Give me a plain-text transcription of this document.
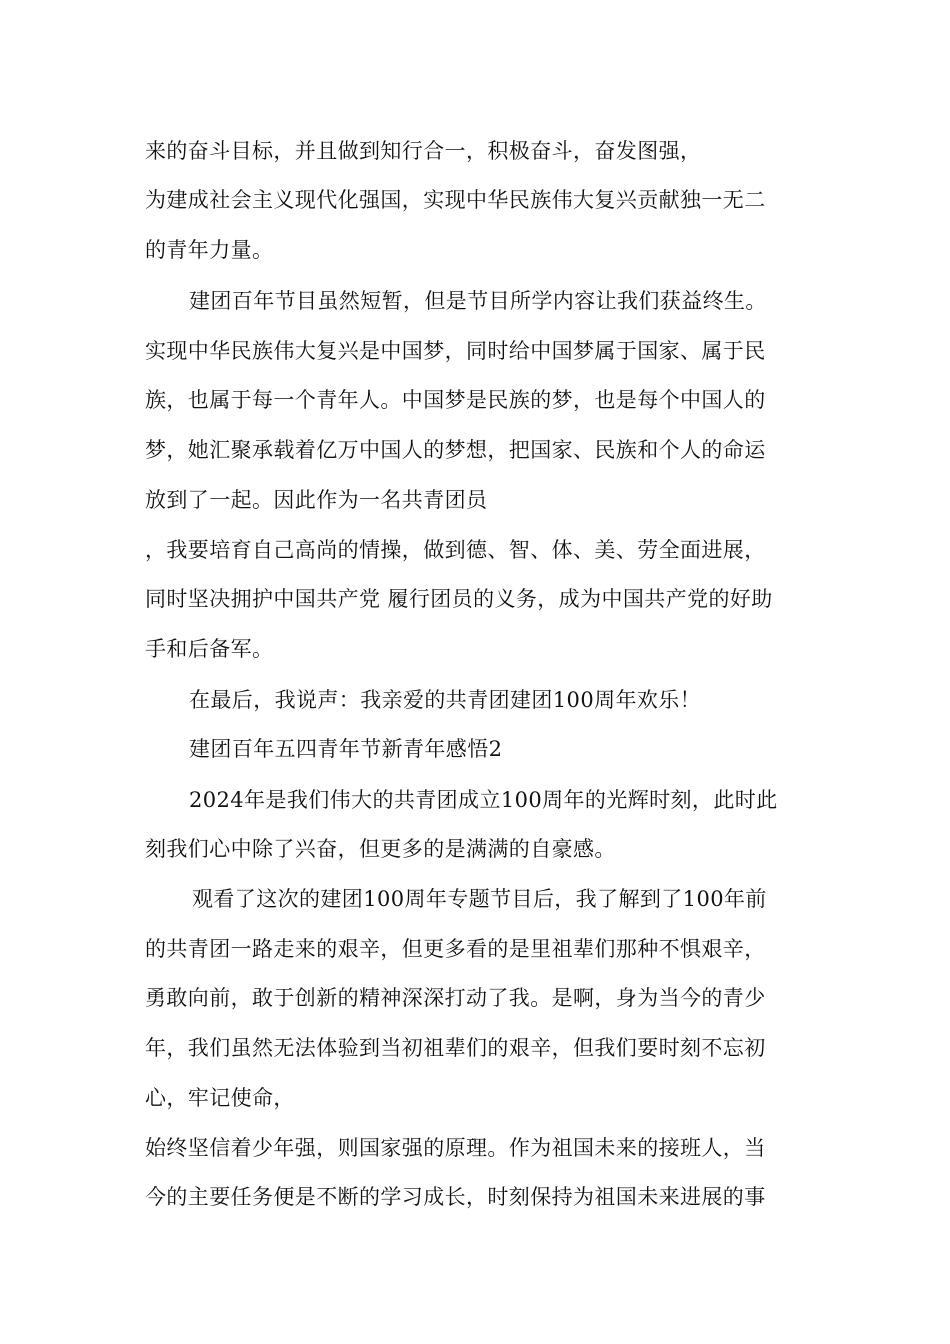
来的奋斗目标，并且做到知行合一，积极奋斗，奋发图强，
为建成社会主义现代化强国，实现中华民族伟大复兴贡献独一无二
的青年力量。
建团百年节目虽然短暂，但是节目所学内容让我们获益终生。
实现中华民族伟大复兴是中国梦，同时给中国梦属于国家、属于民
族，也属于每一个青年人。中国梦是民族的梦，也是每个中国人的
梦，她汇聚承载着亿万中国人的梦想，把国家、民族和个人的命运
放到了一起。因此作为一名共青团员
，我要培育自己高尚的情操，做到德、智、体、美、劳全面进展，
同时坚决拥护中国共产党 履行团员的义务，成为中国共产党的好助
手和后备军。
在最后，我说声：我亲爱的共青团建团100周年欢乐！
建团百年五四青年节新青年感悟2
2024年是我们伟大的共青团成立100周年的光辉时刻，此时此
刻我们心中除了兴奋，但更多的是满满的自豪感。
观看了这次的建团100周年专题节目后，我了解到了100年前
的共青团一路走来的艰辛，但更多看的是里祖辈们那种不惧艰辛，
勇敢向前，敢于创新的精神深深打动了我。是啊，身为当今的青少
年，我们虽然无法体验到当初祖辈们的艰辛，但我们要时刻不忘初
心，牢记使命，
始终坚信着少年强，则国家强的原理。作为祖国未来的接班人，当
今的主要任务便是不断的学习成长，时刻保持为祖国未来进展的事
